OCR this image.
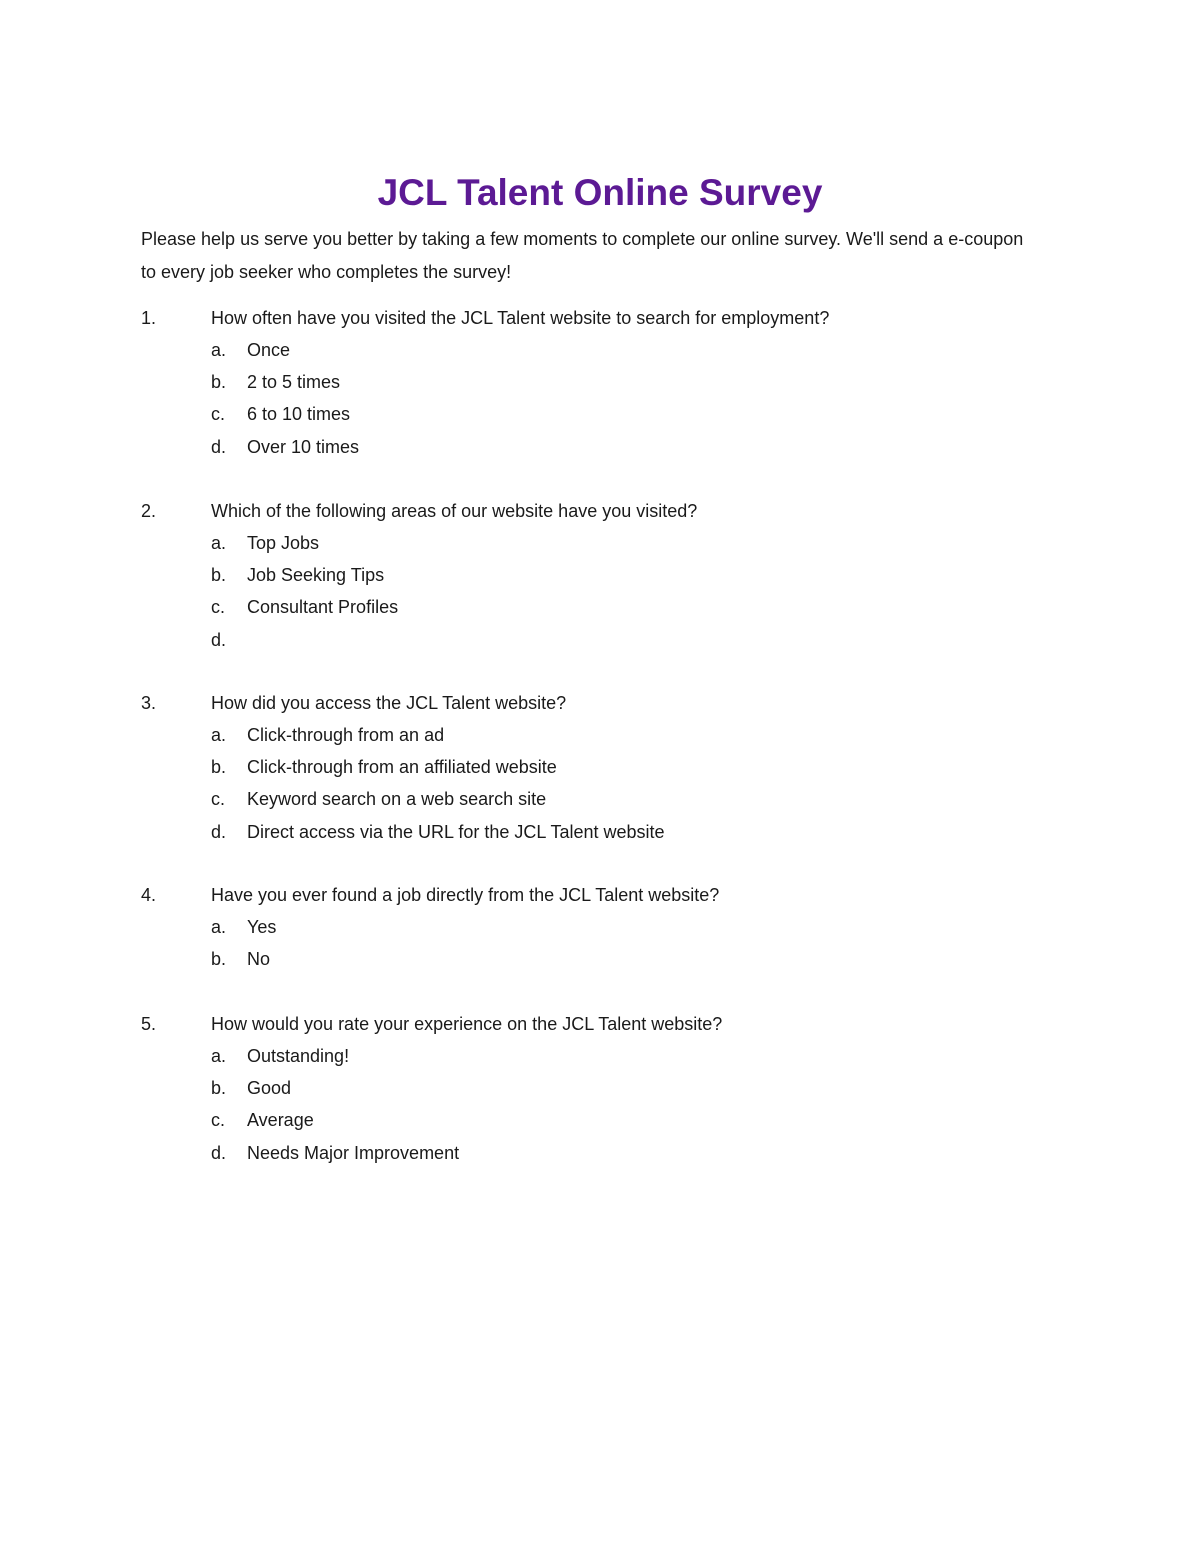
JCL Talent Online Survey

Please help us serve you better by taking a few moments to complete our online survey. We'll send a e-coupon to every job seeker who completes the survey!

1.	How often have you visited the JCL Talent website to search for employment?
a. Once
b. 2 to 5 times
c. 6 to 10 times
d. Over 10 times
2.	Which of the following areas of our website have you visited?
a. Top Jobs
b. Job Seeking Tips
c. Consultant Profiles
d.
3.	How did you access the JCL Talent website?
a. Click-through from an ad
b. Click-through from an affiliated website
c. Keyword search on a web search site
d. Direct access via the URL for the JCL Talent website
4.	Have you ever found a job directly from the JCL Talent website?
a. Yes
b. No
5.	How would you rate your experience on the JCL Talent website?
a. Outstanding!
b. Good
c. Average
d. Needs Major Improvement
